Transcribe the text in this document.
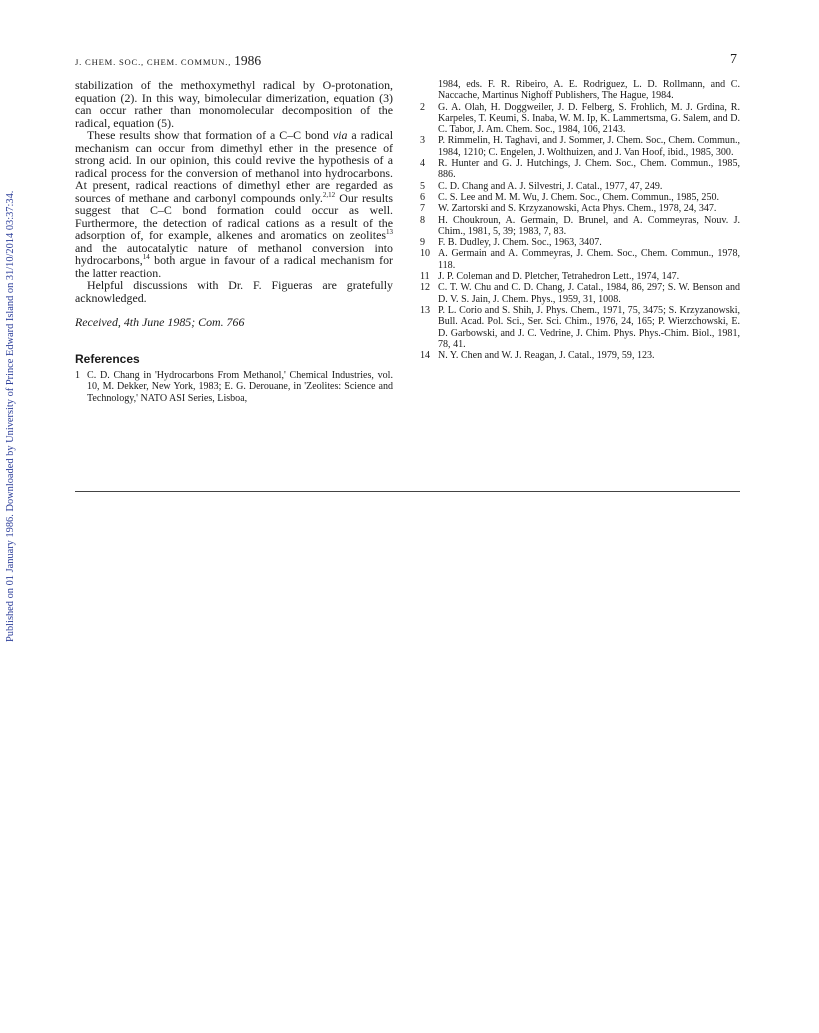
Published on 01 January 1986. Downloaded by University of Prince Edward Island on 31/10/2014 03:37:34.
J. CHEM. SOC., CHEM. COMMUN., 1986	7

stabilization of the methoxymethyl radical by O-protonation, equation (2). In this way, bimolecular dimerization, equation (3) can occur rather than monomolecular decomposition of the radical, equation (5).

These results show that formation of a C–C bond via a radical mechanism can occur from dimethyl ether in the presence of strong acid. In our opinion, this could revive the hypothesis of a radical process for the conversion of methanol into hydrocarbons. At present, radical reactions of dimethyl ether are regarded as sources of methane and carbonyl compounds only.$^{2,12}$ Our results suggest that C–C bond formation could occur as well. Furthermore, the detection of radical cations as a result of the adsorption of, for example, alkenes and aromatics on zeolites$^{13}$ and the autocatalytic nature of methanol conversion into hydrocarbons,$^{14}$ both argue in favour of a radical mechanism for the latter reaction.

Helpful discussions with Dr. F. Figueras are gratefully acknowledged.

Received, 4th June 1985; Com. 766

References
1 C. D. Chang in 'Hydrocarbons From Methanol,' Chemical Industries, vol. 10, M. Dekker, New York, 1983; E. G. Derouane, in 'Zeolites: Science and Technology,' NATO ASI Series, Lisboa,
1984, eds. F. R. Ribeiro, A. E. Rodriguez, L. D. Rollmann, and C. Naccache, Martinus Nighoff Publishers, The Hague, 1984.
2	G. A. Olah, H. Doggweiler, J. D. Felberg, S. Frohlich, M. J. Grdina, R. Karpeles, T. Keumi, S. Inaba, W. M. Ip, K. Lammertsma, G. Salem, and D. C. Tabor, J. Am. Chem. Soc., 1984, 106, 2143.
3	P. Rimmelin, H. Taghavi, and J. Sommer, J. Chem. Soc., Chem. Commun., 1984, 1210; C. Engelen, J. Wolthuizen, and J. Van Hoof, ibid., 1985, 300.
4	R. Hunter and G. J. Hutchings, J. Chem. Soc., Chem. Commun., 1985, 886.
5	C. D. Chang and A. J. Silvestri, J. Catal., 1977, 47, 249.
6	C. S. Lee and M. M. Wu, J. Chem. Soc., Chem. Commun., 1985, 250.
7	W. Zartorski and S. Krzyzanowski, Acta Phys. Chem., 1978, 24, 347.
8	H. Choukroun, A. Germain, D. Brunel, and A. Commeyras, Nouv. J. Chim., 1981, 5, 39; 1983, 7, 83.
9	F. B. Dudley, J. Chem. Soc., 1963, 3407.
10 A. Germain and A. Commeyras, J. Chem. Soc., Chem. Commun., 1978, 118.
11 J. P. Coleman and D. Pletcher, Tetrahedron Lett., 1974, 147.
12 C. T. W. Chu and C. D. Chang, J. Catal., 1984, 86, 297; S. W. Benson and D. V. S. Jain, J. Chem. Phys., 1959, 31, 1008.
13 P. L. Corio and S. Shih, J. Phys. Chem., 1971, 75, 3475; S. Krzyzanowski, Bull. Acad. Pol. Sci., Ser. Sci. Chim., 1976, 24, 165; P. Wierzchowski, E. D. Garbowski, and J. C. Vedrine, J. Chim. Phys. Phys.-Chim. Biol., 1981, 78, 41.
14 N. Y. Chen and W. J. Reagan, J. Catal., 1979, 59, 123.
